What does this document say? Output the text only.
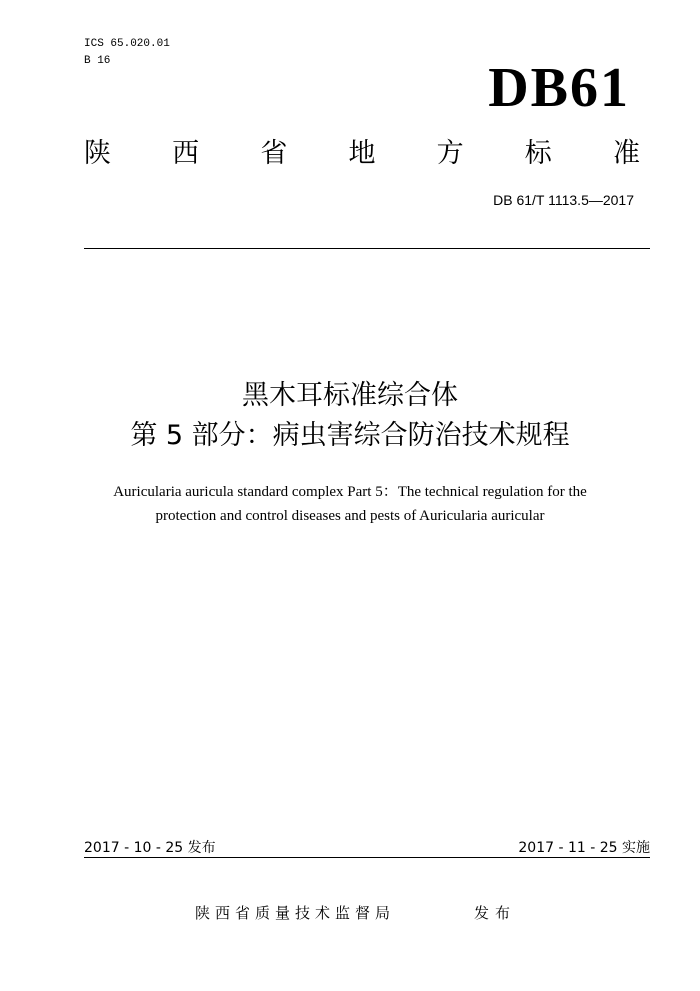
ICS 65.020.01
B 16	DB61
陕 西 省 地 方 标 准
DB 61/T 1113.5—2017
黑木耳标准综合体
第 5 部分：病虫害综合防治技术规程
Auricularia auricula standard complex Part 5：The technical regulation for the
protection and control diseases and pests of Auricularia auricular
2017 - 10 - 25 发布	2017 - 11 - 25 实施
陕西省质量技术监督局	发布
